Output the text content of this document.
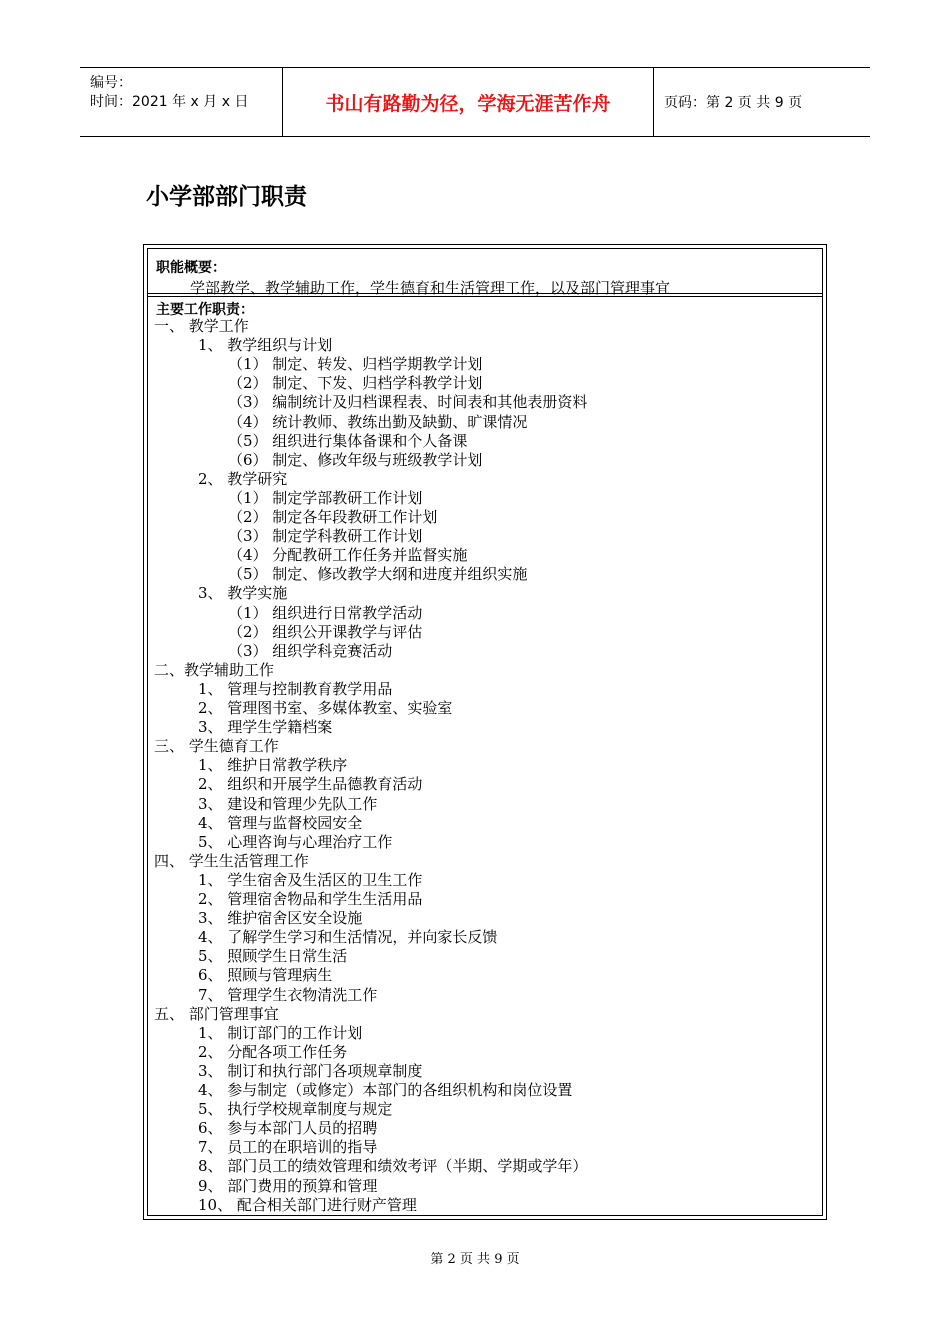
编号：
时间：2021 年 x 月 x 日	书山有路勤为径，学海无涯苦作舟	页码：第 2 页 共 9 页
小学部部门职责
职能概要：
学部教学、教学辅助工作，学生德育和生活管理工作，以及部门管理事宜
主要工作职责：
一、 教学工作
1、 教学组织与计划
（1） 制定、转发、归档学期教学计划
（2） 制定、下发、归档学科教学计划
（3） 编制统计及归档课程表、时间表和其他表册资料
（4） 统计教师、教练出勤及缺勤、旷课情况
（5） 组织进行集体备课和个人备课
（6） 制定、修改年级与班级教学计划
2、 教学研究
（1） 制定学部教研工作计划
（2） 制定各年段教研工作计划
（3） 制定学科教研工作计划
（4） 分配教研工作任务并监督实施
（5） 制定、修改教学大纲和进度并组织实施
3、 教学实施
（1） 组织进行日常教学活动
（2） 组织公开课教学与评估
（3） 组织学科竞赛活动
二、教学辅助工作
1、 管理与控制教育教学用品
2、 管理图书室、多媒体教室、实验室
3、 理学生学籍档案
三、 学生德育工作
1、 维护日常教学秩序
2、 组织和开展学生品德教育活动
3、 建设和管理少先队工作
4、 管理与监督校园安全
5、 心理咨询与心理治疗工作
四、 学生生活管理工作
1、 学生宿舍及生活区的卫生工作
2、 管理宿舍物品和学生生活用品
3、 维护宿舍区安全设施
4、 了解学生学习和生活情况，并向家长反馈
5、 照顾学生日常生活
6、 照顾与管理病生
7、 管理学生衣物清洗工作
五、 部门管理事宜
1、 制订部门的工作计划
2、 分配各项工作任务
3、 制订和执行部门各项规章制度
4、 参与制定（或修定）本部门的各组织机构和岗位设置
5、 执行学校规章制度与规定
6、 参与本部门人员的招聘
7、 员工的在职培训的指导
8、 部门员工的绩效管理和绩效考评（半期、学期或学年）
9、 部门费用的预算和管理
10、 配合相关部门进行财产管理
第 2 页 共 9 页
